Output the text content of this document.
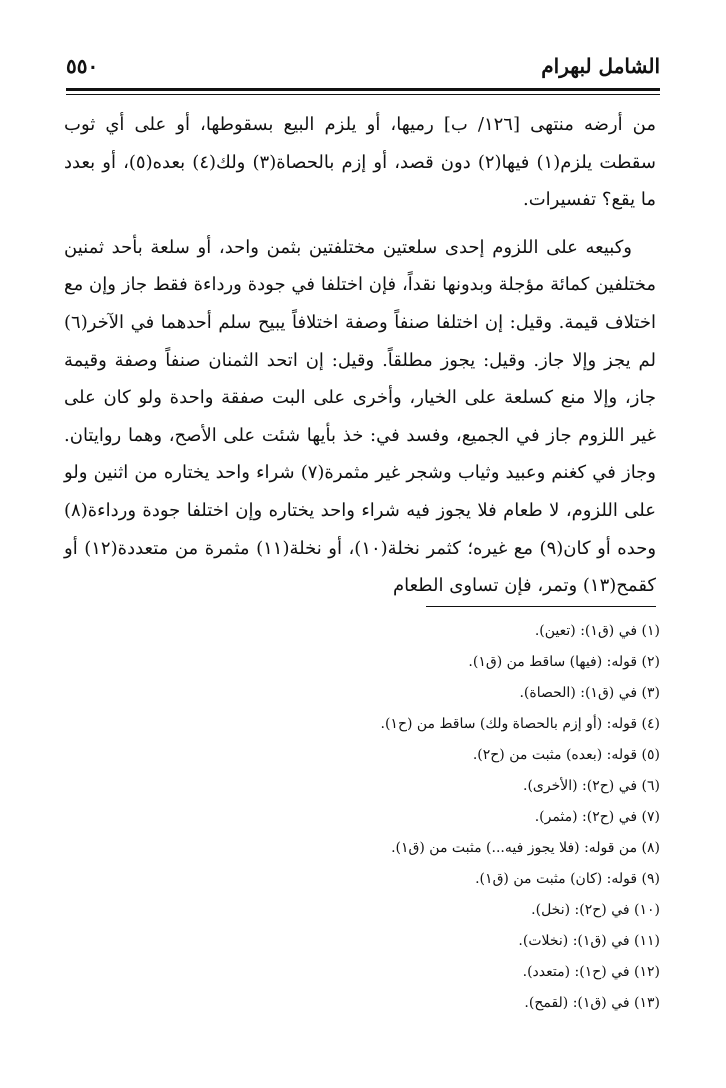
الشامل لبهرام
٥٥٠

من أرضه منتهى [١٢٦/ ب] رميها، أو يلزم البيع بسقوطها، أو على أي ثوب سقطت يلزم(١) فيها(٢) دون قصد، أو إزم بالحصاة(٣) ولك(٤) بعده(٥)، أو بعدد ما يقع؟ تفسيرات.

وكبيعه على اللزوم إحدى سلعتين مختلفتين بثمن واحد، أو سلعة بأحد ثمنين مختلفين كمائة مؤجلة وبدونها نقداً، فإن اختلفا في جودة ورداءة فقط جاز وإن مع اختلاف قيمة. وقيل: إن اختلفا صنفاً وصفة اختلافاً يبيح سلم أحدهما في الآخر(٦) لم يجز وإلا جاز. وقيل: يجوز مطلقاً. وقيل: إن اتحد الثمنان صنفاً وصفة وقيمة جاز، وإلا منع كسلعة على الخيار، وأخرى على البت صفقة واحدة ولو كان على غير اللزوم جاز في الجميع، وفسد في: خذ بأيها شئت على الأصح، وهما روايتان. وجاز في كغنم وعبيد وثياب وشجر غير مثمرة(٧) شراء واحد يختاره من اثنين ولو على اللزوم، لا طعام فلا يجوز فيه شراء واحد يختاره وإن اختلفا جودة ورداءة(٨) وحده أو كان(٩) مع غيره؛ كثمر نخلة(١٠)، أو نخلة(١١) مثمرة من متعددة(١٢) أو كقمح(١٣) وتمر، فإن تساوى الطعام

(١) في (ق١): (تعين).
(٢) قوله: (فيها) ساقط من (ق١).
(٣) في (ق١): (الحصاة).
(٤) قوله: (أو إزم بالحصاة ولك) ساقط من (ح١).
(٥) قوله: (بعده) مثبت من (ح٢).
(٦) في (ح٢): (الأخرى).
(٧) في (ح٢): (مثمر).
(٨) من قوله: (فلا يجوز فيه...) مثبت من (ق١).
(٩) قوله: (كان) مثبت من (ق١).
(١٠) في (ح٢): (نخل).
(١١) في (ق١): (نخلات).
(١٢) في (ح١): (متعدد).
(١٣) في (ق١): (لقمح).
